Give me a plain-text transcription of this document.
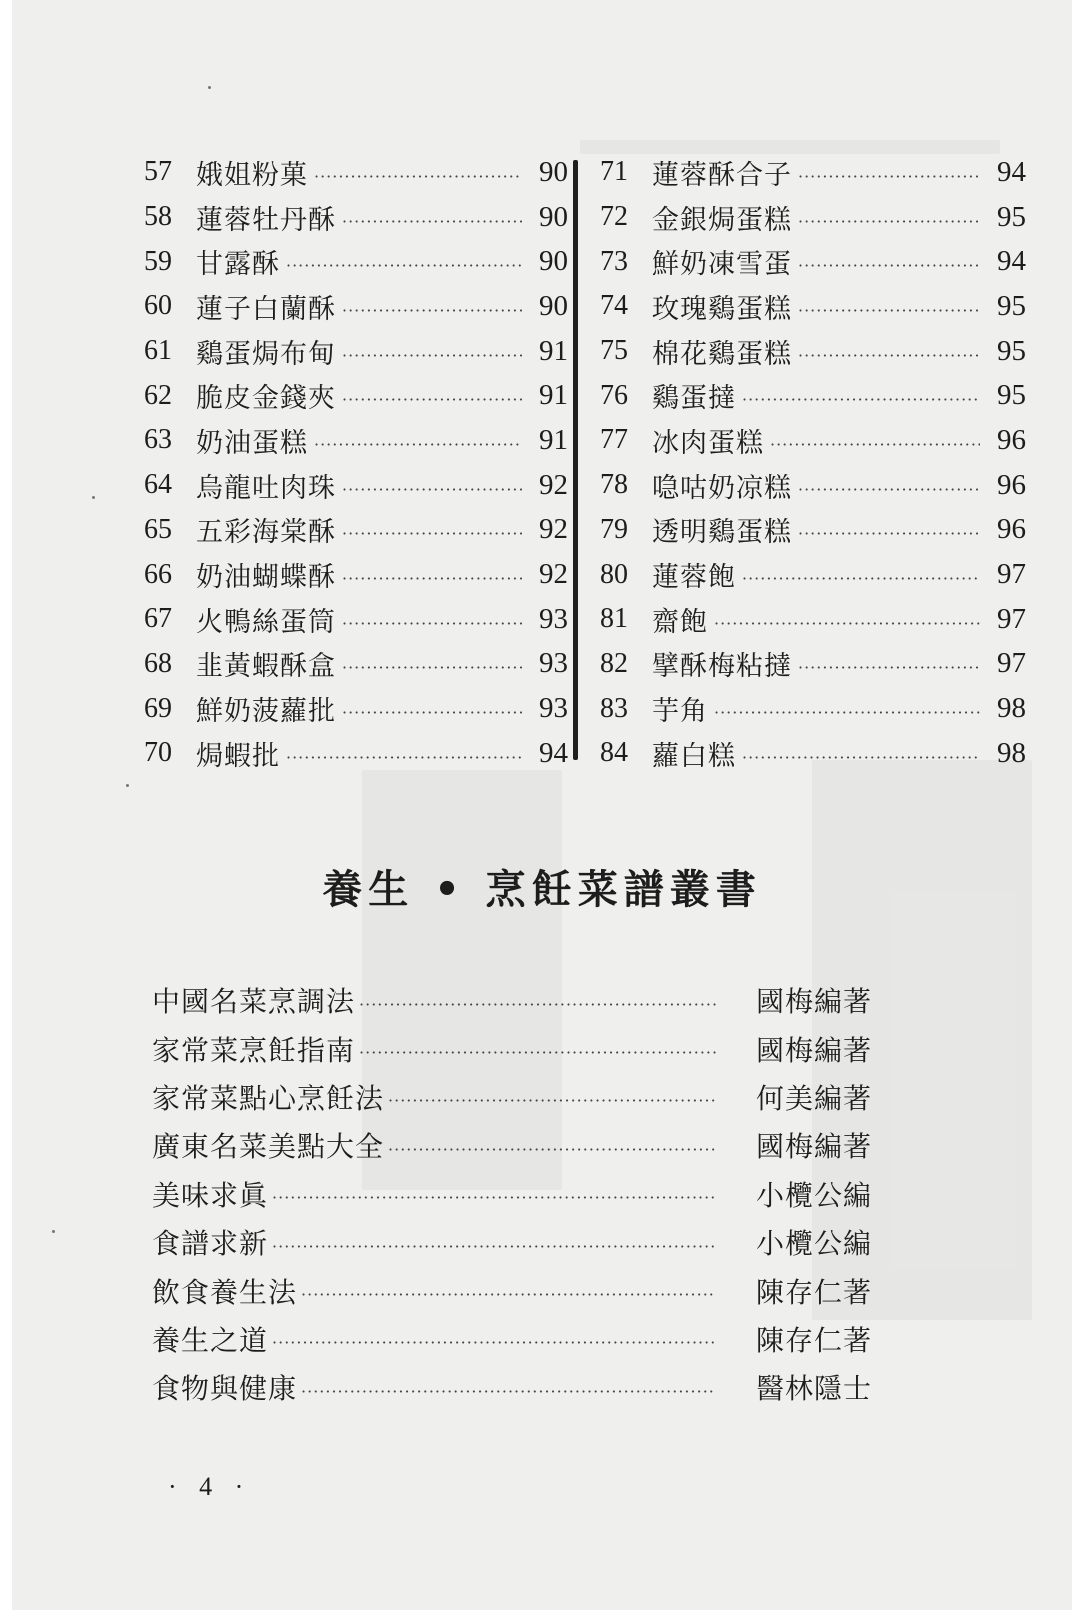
57 娥姐粉菓 ·····	90
58 蓮蓉牡丹酥 ·····	90
59 甘露酥 ·····	90
60 蓮子白蘭酥 ·····	90
61 鷄蛋焗布甸 ·····	91
62 脆皮金錢夾 ·····	91
63 奶油蛋糕 ·····	91
64 烏龍吐肉珠 ·····	92
65 五彩海棠酥 ·····	92
66 奶油蝴蝶酥 ·····	92
67 火鴨絲蛋筒 ·····	93
68 韭黃蝦酥盒 ·····	93
69 鮮奶菠蘿批 ·····	93
70 焗蝦批 ·····	94
71 蓮蓉酥合子 ·····	94
72 金銀焗蛋糕 ·····	95
73 鮮奶凍雪蛋 ·····	94
74 玫瑰鷄蛋糕 ·····	95
75 棉花鷄蛋糕 ·····	95
76 鷄蛋撻 ·····	95
77 冰肉蛋糕 ·····	96
78 喼咕奶凉糕 ·····	96
79 透明鷄蛋糕 ·····	96
80 蓮蓉飽 ·····	97
81 齋飽 ·····	97
82 擘酥梅粘撻 ·····	97
83 芋角 ·····	98
84 蘿白糕 ·····	98
養生 • 烹飪菜譜叢書
中國名菜烹調法 ·····	國梅編著
家常菜烹飪指南 ·····	國梅編著
家常菜點心烹飪法 ·····	何美編著
廣東名菜美點大全 ·····	國梅編著
美味求眞 ·····	小欖公編
食譜求新 ·····	小欖公編
飲食養生法 ·····	陳存仁著
養生之道 ·····	陳存仁著
食物與健康 ·····	醫林隱士
· 4 ·
